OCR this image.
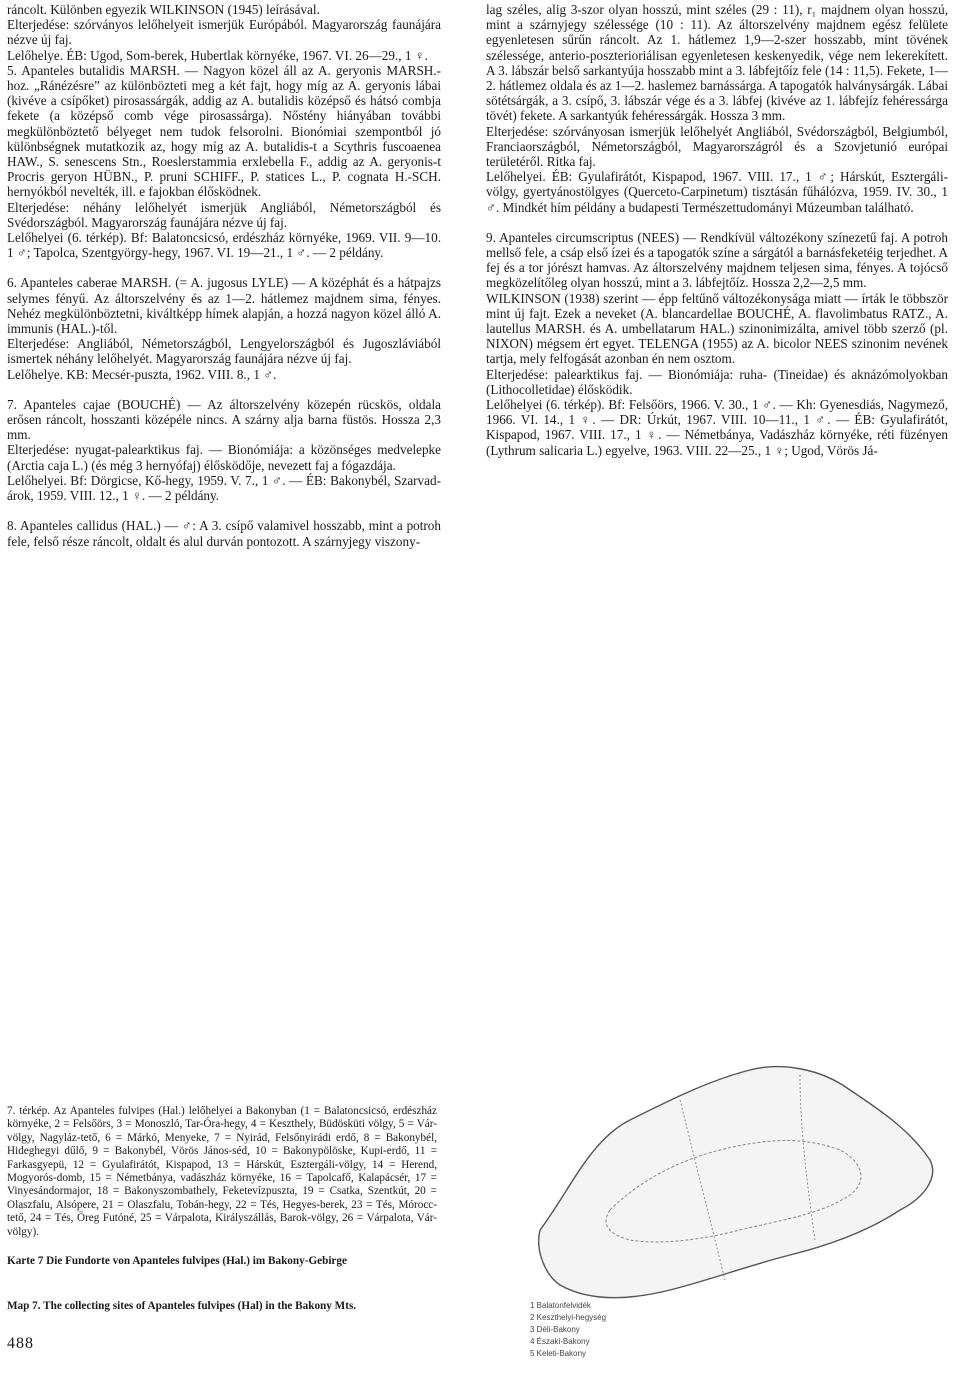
ráncolt. Különben egyezik WILKINSON (1945) leírásával.

Elterjedése: szórványos lelőhelyeit ismerjük Európából. Magyarország faunájára nézve új faj.

Lelőhelye. ÉB: Ugod, Som-berek, Hubertlak környéke, 1967. VI. 26—29., 1 ♀.

5. Apanteles butalidis MARSH. — Nagyon közel áll az A. geryonis MARSH.-hoz. „Ránézésre” az különbözteti meg a két fajt, hogy míg az A. geryonis lábai (kivéve a csípőket) pirosassárgák, addig az A. butalidis középső és hátsó combja fekete (a középső comb vége pirosassárga). Nőstény hiányában további megkülönböztető bélyeget nem tudok felsorolni. Bionómiai szempontból jó különbségnek mutatkozik az, hogy míg az A. butalidis-t a Scythris fuscoaenea HAW., S. senescens Stn., Roeslerstammia erxlebella F., addig az A. geryonis-t Procris geryon HÜBN., P. pruni SCHIFF., P. statices L., P. cognata H.-SCH. hernyókból nevelték, ill. e fajokban élősködnek.

Elterjedése: néhány lelőhelyét ismerjük Angliából, Németországból és Svédországból. Magyarország faunájára nézve új faj.

Lelőhelyei (6. térkép). Bf: Balatoncsicsó, erdészház környéke, 1969. VII. 9—10. 1 ♂; Tapolca, Szentgyörgy-hegy, 1967. VI. 19—21., 1 ♂. — 2 példány.

6. Apanteles caberae MARSH. (= A. jugosus LYLE) — A középhát és a hátpajzs selymes fényű. Az áltorszelvény és az 1—2. hátlemez majdnem sima, fényes. Nehéz megkülönböztetni, kiváltképp hímek alapján, a hozzá nagyon közel álló A. immunis (HAL.)-től.

Elterjedése: Angliából, Németországból, Lengyelországból és Jugoszláviából ismertek néhány lelőhelyét. Magyarország faunájára nézve új faj.

Lelőhelye. KB: Mecsér-puszta, 1962. VIII. 8., 1 ♂.

7. Apanteles cajae (BOUCHÉ) — Az áltorszelvény közepén rücskös, oldala erősen ráncolt, hosszanti középéle nincs. A szárny alja barna füstös. Hossza 2,3 mm.

Elterjedése: nyugat-palearktikus faj. — Bionómiája: a közönséges medvelepke (Arctia caja L.) (és még 3 hernyófaj) élősködője, nevezett faj a fógazdája.

Lelőhelyei. Bf: Dörgicse, Kő-hegy, 1959. V. 7., 1 ♂. — ÉB: Bakonybél, Szarvad-árok, 1959. VIII. 12., 1 ♀. — 2 példány.

8. Apanteles callidus (HAL.) — ♂: A 3. csípő valamivel hosszabb, mint a potroh fele, felső része ráncolt, oldalt és alul durván pontozott. A szárnyjegy viszony-

lag széles, alig 3-szor olyan hosszú, mint széles (29 : 11), r₁ majdnem olyan hosszú, mint a szárnyjegy szélessége (10 : 11). Az áltorszelvény majdnem egész felülete egyenletesen sűrűn ráncolt. Az 1. hátlemez 1,9—2-szer hosszabb, mint tövének szélessége, anterio-poszterioriálisan egyenletesen keskenyedik, vége nem lekerekített. A 3. lábszár belső sarkantyúja hosszabb mint a 3. lábfejtőíz fele (14 : 11,5). Fekete, 1—2. hátlemez oldala és az 1—2. haslemez barnássárga. A tapogatók halványsárgák. Lábai sötétsárgák, a 3. csípő, 3. lábszár vége és a 3. lábfej (kivéve az 1. lábfejíz fehéressárga tövét) fekete. A sarkantyúk fehéressárgák. Hossza 3 mm.

Elterjedése: szórványosan ismerjük lelőhelyét Angliából, Svédországból, Belgiumból, Franciaországból, Németországból, Magyarországról és a Szovjetunió európai területéről. Ritka faj.

Lelőhelyei. ÉB: Gyulafirátót, Kispapod, 1967. VIII. 17., 1 ♂; Hárskút, Esztergáli-völgy, gyertyánostölgyes (Querceto-Carpinetum) tisztásán fűhálózva, 1959. IV. 30., 1 ♂. Mindkét hím példány a budapesti Természettudományi Múzeumban található.

9. Apanteles circumscriptus (NEES) — Rendkívül változékony színezetű faj. A potroh mellső fele, a csáp első ízei és a tapogatók színe a sárgától a barnásfeketéig terjedhet. A fej és a tor jórészt hamvas. Az áltorszelvény majdnem teljesen sima, fényes. A tojócső megközelítőleg olyan hosszú, mint a 3. lábfejtőíz. Hossza 2,2—2,5 mm.

WILKINSON (1938) szerint — épp feltűnő változékonysága miatt — írták le többször mint új fajt. Ezek a neveket (A. blancardellae BOUCHÉ, A. flavolimbatus RATZ., A. lautellus MARSH. és A. umbellatarum HAL.) szinonimizálta, amivel több szerző (pl. NIXON) mégsem ért egyet. TELENGA (1955) az A. bicolor NEES szinonim nevének tartja, mely felfogását azonban én nem osztom.

Elterjedése: palearktikus faj. — Bionómiája: ruha- (Tineidae) és aknázómolyokban (Lithocolletidae) élősködik.

Lelőhelyei (6. térkép). Bf: Felsőörs, 1966. V. 30., 1 ♂. — Kh: Gyenesdiás, Nagymező, 1966. VI. 14., 1 ♀. — DR: Úrkút, 1967. VIII. 10—11., 1 ♂. — ÉB: Gyulafirátót, Kispapod, 1967. VIII. 17., 1 ♀. — Németbánya, Vadászház környéke, réti füzényen (Lythrum salicaria L.) egyelve, 1963. VIII. 22—25., 1 ♀; Ugod, Vörös Já-

7. térkép. Az Apanteles fulvipes (Hal.) lelőhelyei a Bakonyban (1 = Balatoncsicsó, erdészház környéke, 2 = Felsőörs, 3 = Monoszló, Tar-Óra-hegy, 4 = Keszthely, Büdösküti völgy, 5 = Vár-völgy, Nagyláz-tető, 6 = Márkó, Menyeke, 7 = Nyirád, Felsőnyirádi erdő, 8 = Bakonybél, Hideghegyi dűlő, 9 = Bakonybél, Vörös János-séd, 10 = Bakonypölöske, Kupi-erdő, 11 = Farkasgyepü, 12 = Gyulafirátót, Kispapod, 13 = Hárskút, Esztergáli-völgy, 14 = Herend, Mogyorós-domb, 15 = Németbánya, vadászház környéke, 16 = Tapolcafő, Kalapácsér, 17 = Vinyesándormajor, 18 = Bakonyszombathely, Feketevízpuszta, 19 = Csatka, Szentkút, 20 = Olaszfalu, Alsópere, 21 = Olaszfalu, Tobán-hegy, 22 = Tés, Hegyes-berek, 23 = Tés, Mórocc-tető, 24 = Tés, Öreg Futóné, 25 = Várpalota, Királyszállás, Barok-völgy, 26 = Várpalota, Vár-völgy).
Karte 7 Die Fundorte von Apanteles fulvipes (Hal.) im Bakony-Gebirge
Map 7. The collecting sites of Apanteles fulvipes (Hal) in the Bakony Mts.
488
1 Balatonfelvidék
2 Keszthelyi-hegység
3 Déli-Bakony
4 Északi-Bakony
5 Keleti-Bakony
